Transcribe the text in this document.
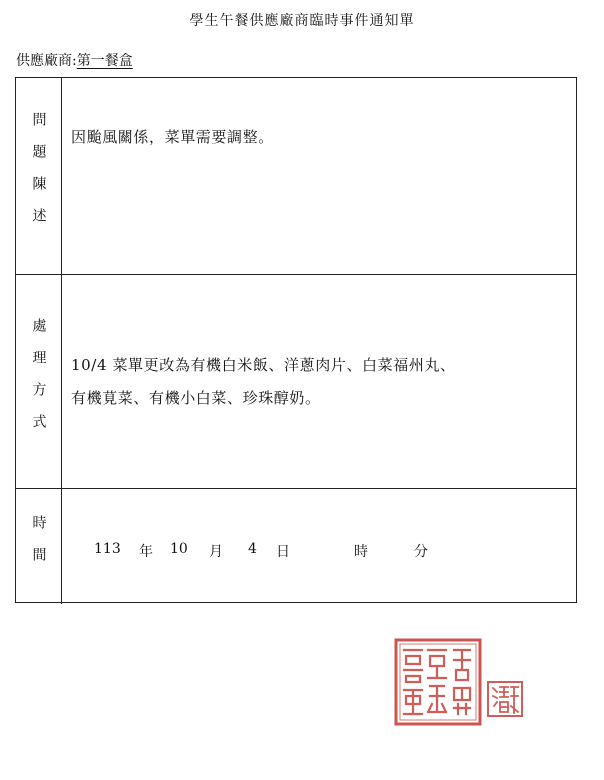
學生午餐供應廠商臨時事件通知單
供應廠商:第一餐盒
問題陳述 因颱風關係，菜單需要調整。
處理方式 10/4 菜單更改為有機白米飯、洋蔥肉片、白菜福州丸、
有機莧菜、有機小白菜、珍珠醇奶。
時間	113 年 10 月 4 日	時	分
